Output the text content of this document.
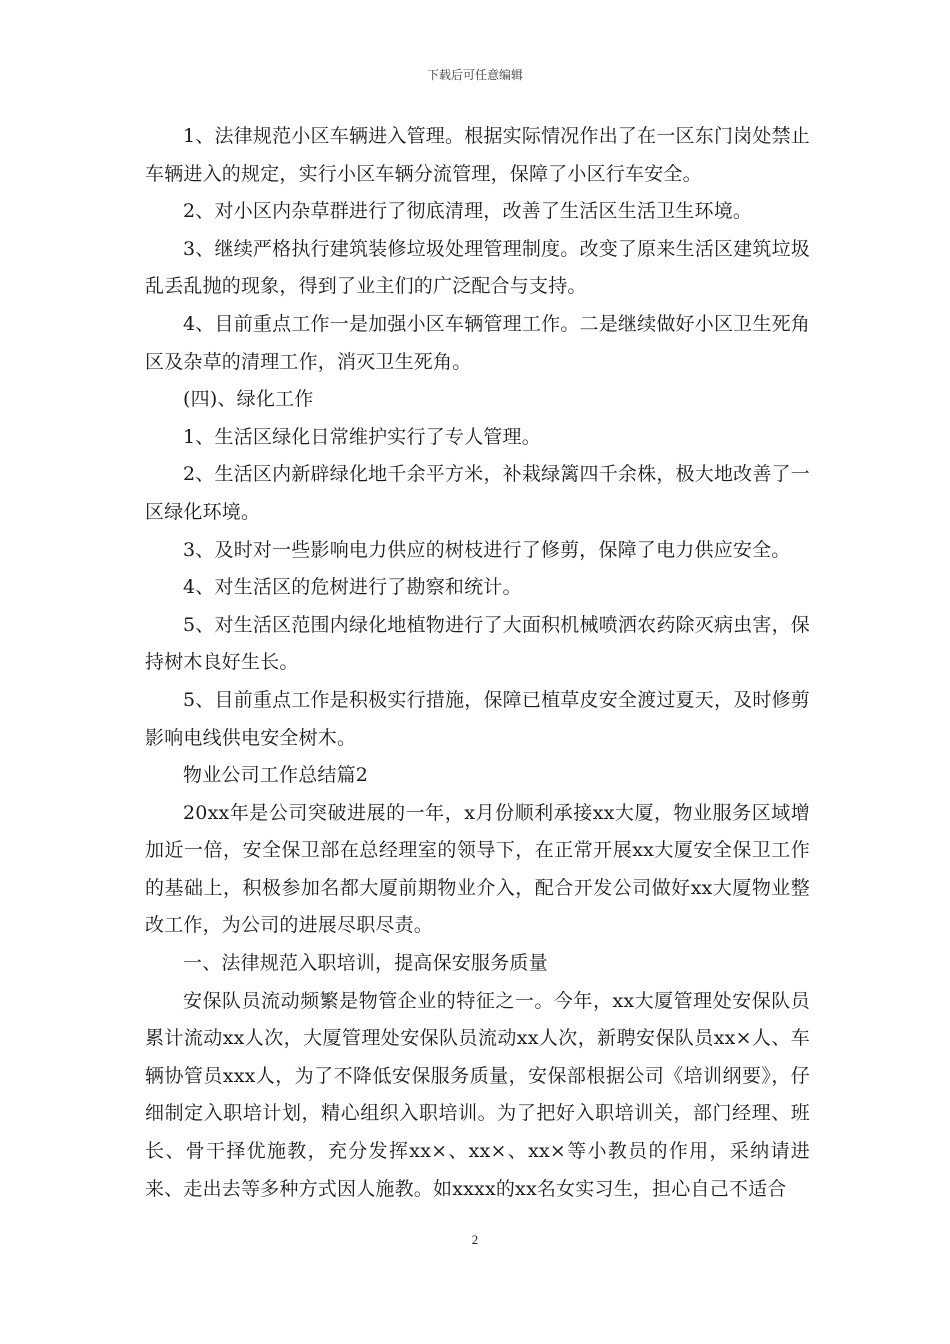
下载后可任意编辑

1、法律规范小区车辆进入管理。根据实际情况作出了在一区东门岗处禁止车辆进入的规定，实行小区车辆分流管理，保障了小区行车安全。

2、对小区内杂草群进行了彻底清理，改善了生活区生活卫生环境。

3、继续严格执行建筑装修垃圾处理管理制度。改变了原来生活区建筑垃圾乱丢乱抛的现象，得到了业主们的广泛配合与支持。

4、目前重点工作一是加强小区车辆管理工作。二是继续做好小区卫生死角区及杂草的清理工作，消灭卫生死角。

(四)、绿化工作

1、生活区绿化日常维护实行了专人管理。

2、生活区内新辟绿化地千余平方米，补栽绿篱四千余株，极大地改善了一区绿化环境。

3、及时对一些影响电力供应的树枝进行了修剪，保障了电力供应安全。

4、对生活区的危树进行了勘察和统计。

5、对生活区范围内绿化地植物进行了大面积机械喷洒农药除灭病虫害，保持树木良好生长。

5、目前重点工作是积极实行措施，保障已植草皮安全渡过夏天，及时修剪影响电线供电安全树木。

物业公司工作总结篇2

20xx年是公司突破进展的一年，x月份顺利承接xx大厦，物业服务区域增加近一倍，安全保卫部在总经理室的领导下，在正常开展xx大厦安全保卫工作的基础上，积极参加名都大厦前期物业介入，配合开发公司做好xx大厦物业整改工作，为公司的进展尽职尽责。

一、法律规范入职培训，提高保安服务质量

安保队员流动频繁是物管企业的特征之一。今年，xx大厦管理处安保队员累计流动xx人次，大厦管理处安保队员流动xx人次，新聘安保队员xx×人、车辆协管员xxx人，为了不降低安保服务质量，安保部根据公司《培训纲要》，仔细制定入职培计划，精心组织入职培训。为了把好入职培训关，部门经理、班长、骨干择优施教，充分发挥xx×、xx×、xx×等小教员的作用，采纳请进来、走出去等多种方式因人施教。如xxxx的xx名女实习生，担心自己不适合

2
